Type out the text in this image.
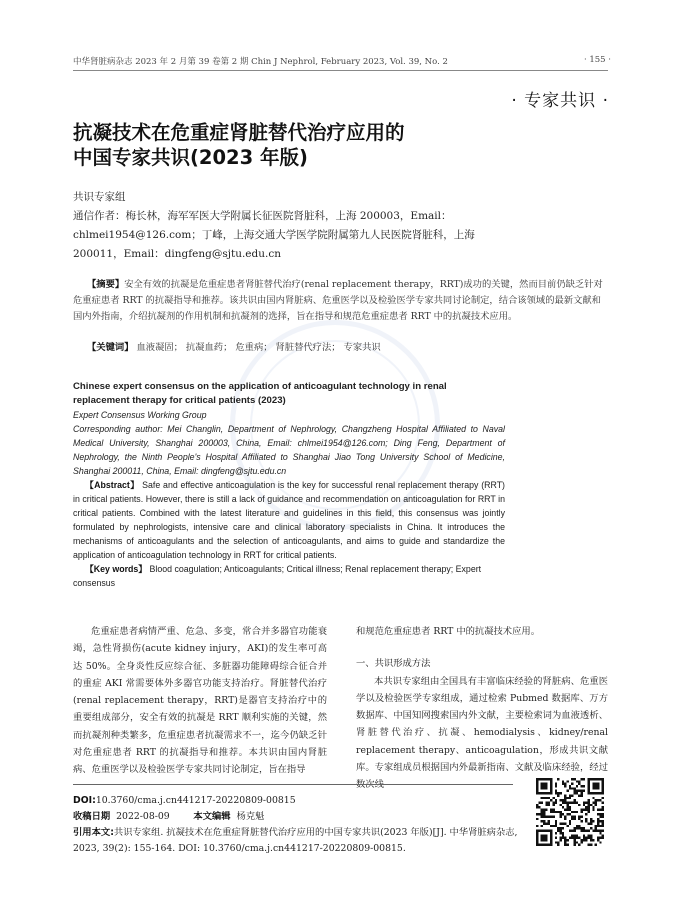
中华肾脏病杂志 2023 年 2 月第 39 卷第 2 期 Chin J Nephrol, February 2023, Vol. 39, No. 2	· 155 ·
· 专家共识 ·
抗凝技术在危重症肾脏替代治疗应用的
中国专家共识(2023 年版)
共识专家组
通信作者：梅长林，海军军医大学附属长征医院肾脏科，上海 200003，Email：
chlmei1954@126.com；丁峰，上海交通大学医学院附属第九人民医院肾脏科，上海
200011，Email：dingfeng@sjtu.edu.cn
【摘要】安全有效的抗凝是危重症患者肾脏替代治疗(renal replacement therapy，RRT)成功的关键，然而目前仍缺乏针对危重症患者 RRT 的抗凝指导和推荐。该共识由国内肾脏病、危重医学以及检验医学专家共同讨论制定，结合该领域的最新文献和国内外指南，介绍抗凝剂的作用机制和抗凝剂的选择，旨在指导和规范危重症患者 RRT 中的抗凝技术应用。
【关键词】 血液凝固； 抗凝血药； 危重病； 肾脏替代疗法； 专家共识

Chinese expert consensus on the application of anticoagulant technology in renal replacement therapy for critical patients (2023)

Expert Consensus Working Group

Corresponding author: Mei Changlin, Department of Nephrology, Changzheng Hospital Affiliated to Naval Medical University, Shanghai 200003, China, Email: chlmei1954@126.com; Ding Feng, Department of Nephrology, the Ninth People's Hospital Affiliated to Shanghai Jiao Tong University School of Medicine, Shanghai 200011, China, Email: dingfeng@sjtu.edu.cn

【Abstract】 Safe and effective anticoagulation is the key for successful renal replacement therapy (RRT) in critical patients. However, there is still a lack of guidance and recommendation on anticoagulation for RRT in critical patients. Combined with the latest literature and guidelines in this field, this consensus was jointly formulated by nephrologists, intensive care and clinical laboratory specialists in China. It introduces the mechanisms of anticoagulants and the selection of anticoagulants, and aims to guide and standardize the application of anticoagulation technology in RRT for critical patients.

【Key words】 Blood coagulation; Anticoagulants; Critical illness; Renal replacement therapy; Expert consensus

危重症患者病情严重、危急、多变，常合并多器官功能衰竭，急性肾损伤(acute kidney injury，AKI)的发生率可高达 50%。全身炎性反应综合征、多脏器功能障碍综合征合并的重症 AKI 常需要体外多器官功能支持治疗。肾脏替代治疗(renal replacement therapy，RRT)是器官支持治疗中的重要组成部分，安全有效的抗凝是 RRT 顺利实施的关键，然而抗凝剂种类繁多，危重症患者抗凝需求不一，迄今仍缺乏针对危重症患者 RRT 的抗凝指导和推荐。本共识由国内肾脏病、危重医学以及检验医学专家共同讨论制定，旨在指导

和规范危重症患者 RRT 中的抗凝技术应用。

一、共识形成方法

本共识专家组由全国具有丰富临床经验的肾脏病、危重医学以及检验医学专家组成，通过检索 Pubmed 数据库、万方数据库、中国知网搜索国内外文献，主要检索词为血液透析、肾脏替代治疗、抗凝、hemodialysis、kidney/renal replacement therapy、anticoagulation，形成共识文献库。专家组成员根据国内外最新指南、文献及临床经验，经过数次线

DOI:10.3760/cma.j.cn441217-20220809-00815
收稿日期 2022-08-09	本文编辑 杨克魁
引用本文:共识专家组. 抗凝技术在危重症肾脏替代治疗应用的中国专家共识(2023 年版)[J]. 中华肾脏病杂志, 2023, 39(2): 155-164. DOI: 10.3760/cma.j.cn441217-20220809-00815.
